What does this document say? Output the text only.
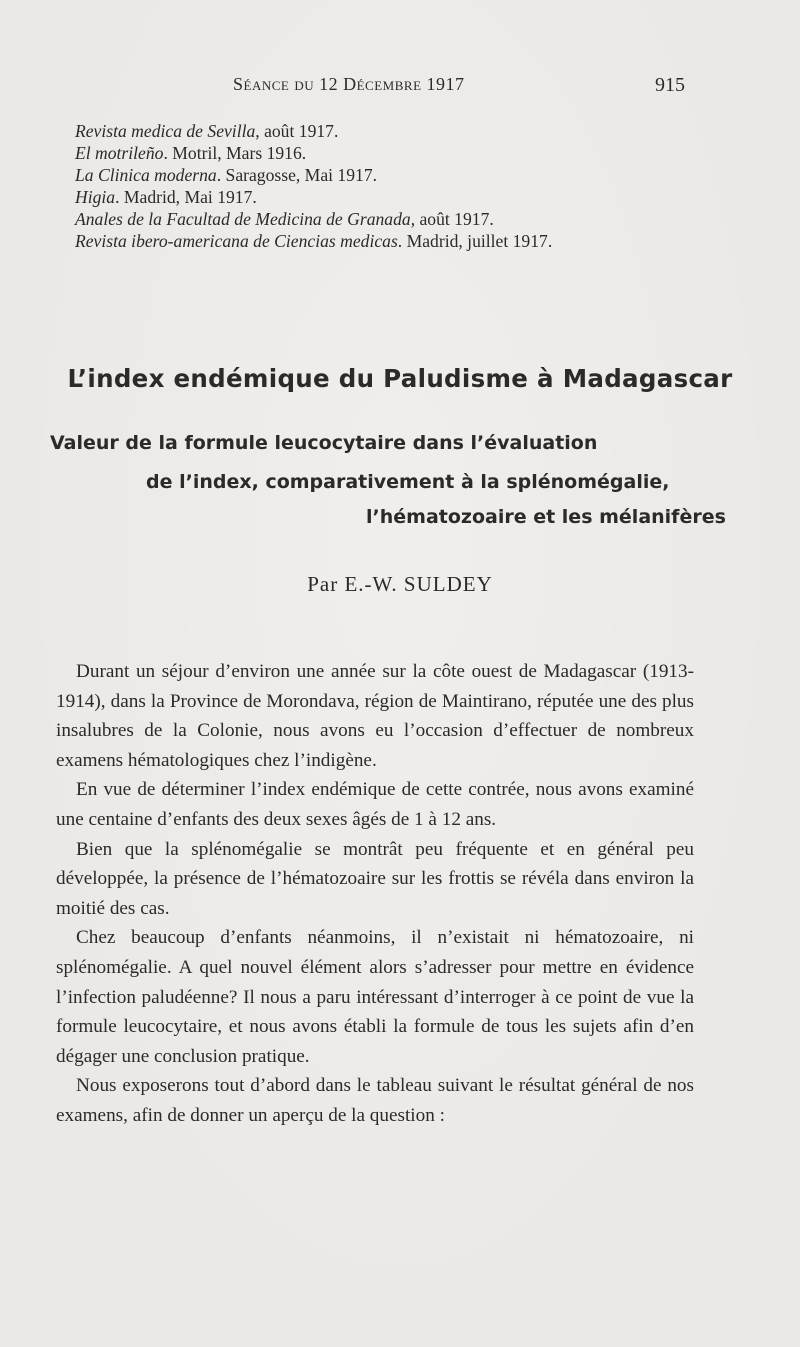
Séance du 12 Décembre 1917	915
Revista medica de Sevilla, août 1917.
El motrileño. Motril, Mars 1916.
La Clinica moderna. Saragosse, Mai 1917.
Higia. Madrid, Mai 1917.
Anales de la Facultad de Medicina de Granada, août 1917.
Revista ibero-americana de Ciencias medicas. Madrid, juillet 1917.
L’index endémique du Paludisme à Madagascar
Valeur de la formule leucocytaire dans l’évaluation
de l’index, comparativement à la splénomégalie,
l’hématozoaire et les mélanifères
Par E.-W. SULDEY

Durant un séjour d’environ une année sur la côte ouest de Madagascar (1913-1914), dans la Province de Morondava, région de Maintirano, réputée une des plus insalubres de la Colonie, nous avons eu l’occasion d’effectuer de nombreux examens hématologiques chez l’indigène.

En vue de déterminer l’index endémique de cette contrée, nous avons examiné une centaine d’enfants des deux sexes âgés de 1 à 12 ans.

Bien que la splénomégalie se montrât peu fréquente et en général peu développée, la présence de l’hématozoaire sur les frottis se révéla dans environ la moitié des cas.

Chez beaucoup d’enfants néanmoins, il n’existait ni hématozoaire, ni splénomégalie. A quel nouvel élément alors s’adresser pour mettre en évidence l’infection paludéenne? Il nous a paru intéressant d’interroger à ce point de vue la formule leucocytaire, et nous avons établi la formule de tous les sujets afin d’en dégager une conclusion pratique.

Nous exposerons tout d’abord dans le tableau suivant le résultat général de nos examens, afin de donner un aperçu de la question :
